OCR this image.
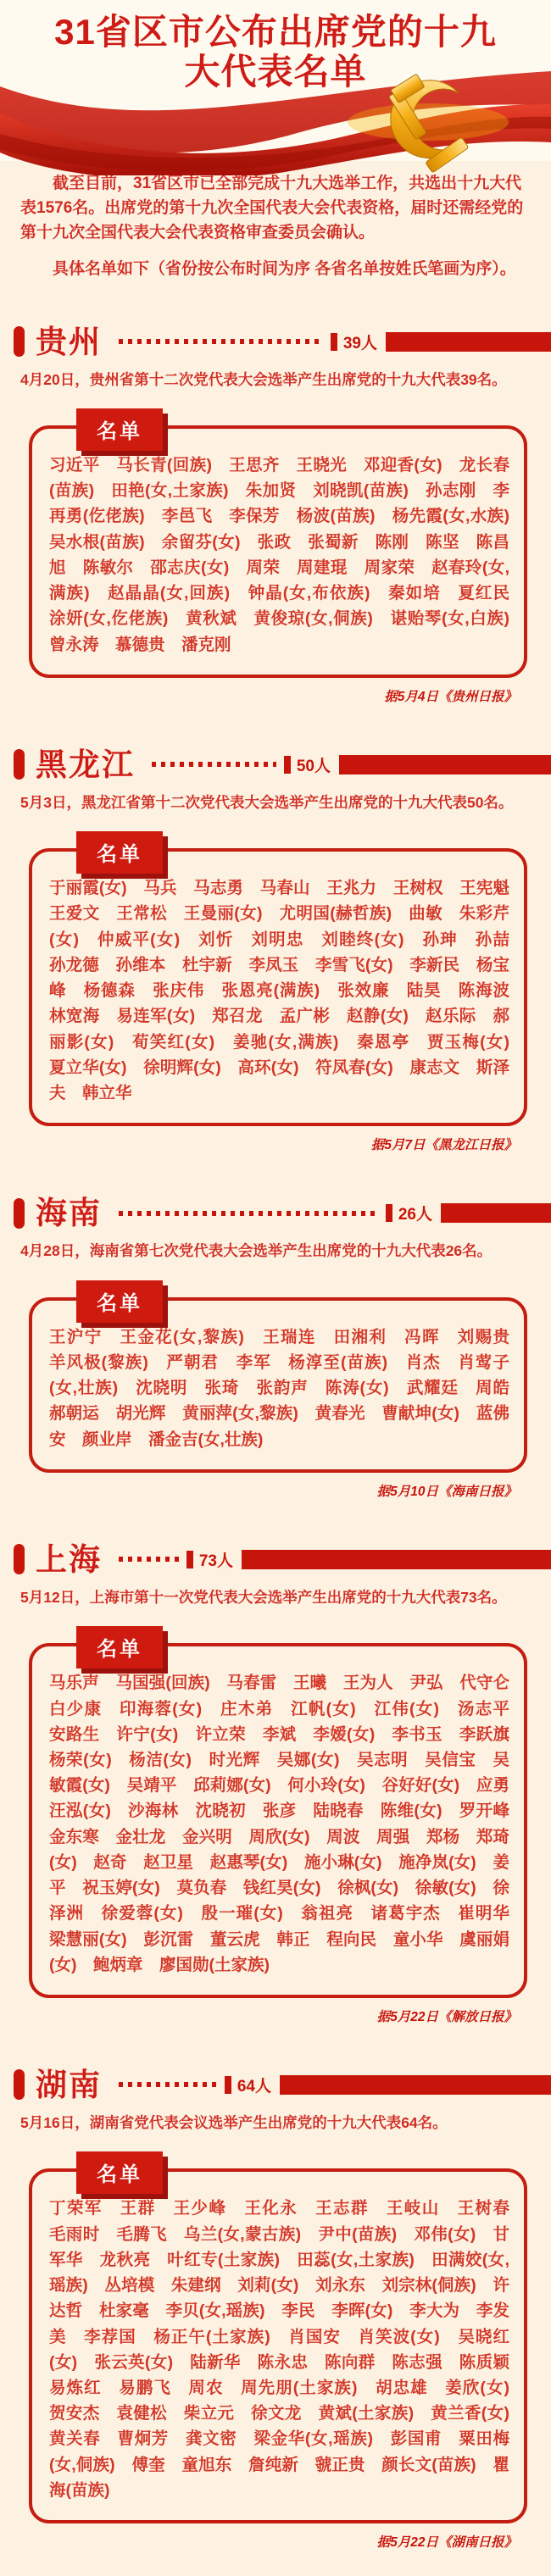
31省区市公布出席党的十九大代表名单

截至目前，31省区市已全部完成十九大选举工作，共选出十九大代表1576名。出席党的第十九次全国代表大会代表资格，届时还需经党的第十九次全国代表大会代表资格审查委员会确认。

具体名单如下（省份按公布时间为序 各省名单按姓氏笔画为序）。

贵州	39人

4月20日，贵州省第十二次党代表大会选举产生出席党的十九大代表39名。

名单

习近平　马长青(回族)　王思齐　王晓光　邓迎香(女)　龙长春(苗族)　田艳(女,土家族)　朱加贤　刘晓凯(苗族)　孙志刚　李再勇(仡佬族)　李邑飞　李保芳　杨波(苗族)　杨先霞(女,水族)　吴水根(苗族)　余留芬(女)　张政　张蜀新　陈刚　陈坚　陈昌旭　陈敏尔　邵志庆(女)　周荣　周建琨　周家荣　赵春玲(女,满族)　赵晶晶(女,回族)　钟晶(女,布依族)　秦如培　夏红民　涂妍(女,仡佬族)　黄秋斌　黄俊琼(女,侗族)　谌贻琴(女,白族)　曾永涛　慕德贵　潘克刚

据5月4日《贵州日报》

黑龙江	50人

5月3日，黑龙江省第十二次党代表大会选举产生出席党的十九大代表50名。

名单

于丽霞(女)　马兵　马志勇　马春山　王兆力　王树权　王宪魁　王爱文　王常松　王曼丽(女)　尤明国(赫哲族)　曲敏　朱彩芹(女)　仲威平(女)　刘忻　刘明忠　刘睦终(女)　孙珅　孙喆　孙龙德　孙维本　杜宇新　李凤玉　李雪飞(女)　李新民　杨宝峰　杨德森　张庆伟　张恩亮(满族)　张效廉　陆昊　陈海波　林宽海　易连军(女)　郑召龙　孟广彬　赵静(女)　赵乐际　郝丽影(女)　荀笑红(女)　姜驰(女,满族)　秦恩亭　贾玉梅(女)　夏立华(女)　徐明辉(女)　高环(女)　符凤春(女)　康志文　斯泽夫　韩立华

据5月7日《黑龙江日报》

海南	26人

4月28日，海南省第七次党代表大会选举产生出席党的十九大代表26名。

名单

王沪宁　王金花(女,黎族)　王瑞连　田湘利　冯晖　刘赐贵　羊风极(黎族)　严朝君　李军　杨淳至(苗族)　肖杰　肖莺子(女,壮族)　沈晓明　张琦　张韵声　陈涛(女)　武耀廷　周皓　郝朝运　胡光辉　黄丽萍(女,黎族)　黄春光　曹献坤(女)　蓝佛安　颜业岸　潘金吉(女,壮族)

据5月10日《海南日报》

上海	73人

5月12日，上海市第十一次党代表大会选举产生出席党的十九大代表73名。

名单

马乐声　马国强(回族)　马春雷　王曦　王为人　尹弘　代守仑　白少康　印海蓉(女)　庄木弟　江帆(女)　江伟(女)　汤志平　安路生　许宁(女)　许立荣　李斌　李嫒(女)　李书玉　李跃旗　杨荣(女)　杨洁(女)　时光辉　吴娜(女)　吴志明　吴信宝　吴敏霞(女)　吴靖平　邱莉娜(女)　何小玲(女)　谷好好(女)　应勇　汪泓(女)　沙海林　沈晓初　张彦　陆晓春　陈维(女)　罗开峰　金东寒　金壮龙　金兴明　周欣(女)　周波　周强　郑杨　郑琦(女)　赵奇　赵卫星　赵惠琴(女)　施小琳(女)　施净岚(女)　姜平　祝玉婷(女)　莫负春　钱红昊(女)　徐枫(女)　徐敏(女)　徐泽洲　徐爱蓉(女)　殷一璀(女)　翁祖亮　诸葛宇杰　崔明华　梁慧丽(女)　彭沉雷　董云虎　韩正　程向民　童小华　虞丽娟(女)　鲍炳章　廖国勋(土家族)

据5月22日《解放日报》

湖南	64人

5月16日，湖南省党代表会议选举产生出席党的十九大代表64名。

名单

丁荣军　王群　王少峰　王化永　王志群　王岐山　王树春　毛雨时　毛腾飞　乌兰(女,蒙古族)　尹中(苗族)　邓伟(女)　甘军华　龙秋亮　叶红专(土家族)　田蕊(女,土家族)　田满姣(女,瑶族)　丛培模　朱建纲　刘莉(女)　刘永东　刘宗林(侗族)　许达哲　杜家毫　李贝(女,瑶族)　李民　李晖(女)　李大为　李发美　李荐国　杨正午(土家族)　肖国安　肖笑波(女)　吴晓红(女)　张云英(女)　陆新华　陈永忠　陈向群　陈志强　陈质颖　易炼红　易鹏飞　周农　周先朋(土家族)　胡忠雄　姜欣(女)　贺安杰　袁健松　柴立元　徐文龙　黄斌(土家族)　黄兰香(女)　黄关春　曹炯芳　龚文密　梁金华(女,瑶族)　彭国甫　粟田梅(女,侗族)　傅奎　童旭东　詹纯新　虢正贵　颜长文(苗族)　瞿海(苗族)

据5月22日《湖南日报》
